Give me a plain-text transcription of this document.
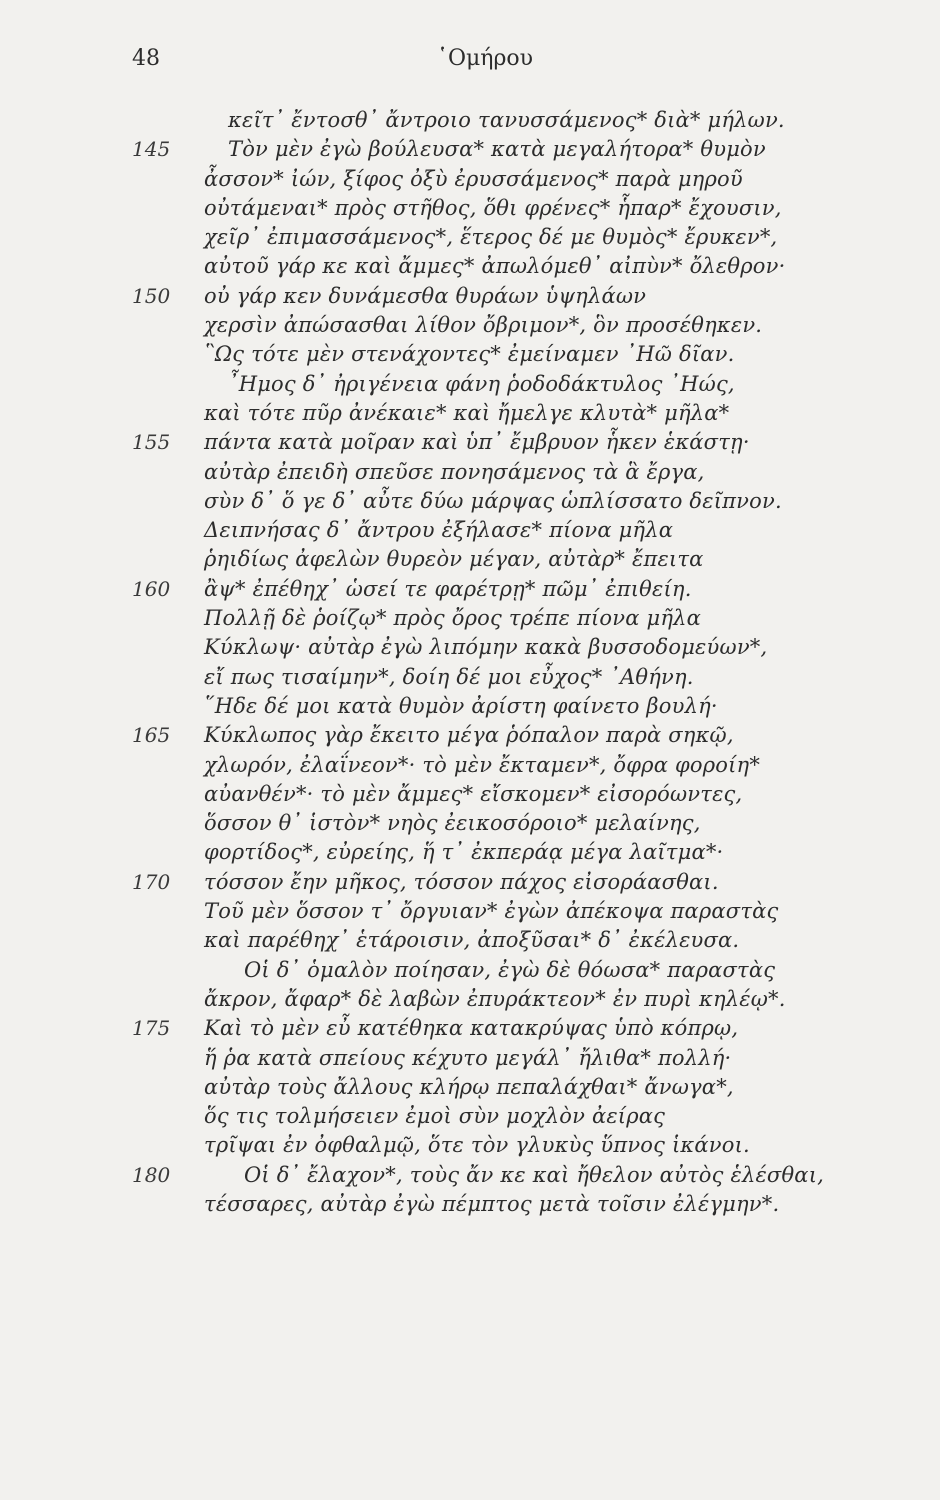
48	῾Ομήρου
κεῖτ᾽ ἔντοσθ᾽ ἄντροιο τανυσσάμενος* διὰ* μήλων.
145	Τὸν μὲν ἐγὼ βούλευσα* κατὰ μεγαλήτορα* θυμὸν
ἆσσον* ἰών, ξίφος ὀξὺ ἐρυσσάμενος* παρὰ μηροῦ
οὐτάμεναι* πρὸς στῆθος, ὅθι φρένες* ἧπαρ* ἔχουσιν,
χεῖρ᾽ ἐπιμασσάμενος*, ἕτερος δέ με θυμὸς* ἔρυκεν*,
αὐτοῦ γάρ κε καὶ ἄμμες* ἀπωλόμεθ᾽ αἰπὺν* ὄλεθρον·
150 οὐ γάρ κεν δυνάμεσθα θυράων ὑψηλάων
χερσὶν ἀπώσασθαι λίθον ὄβριμον*, ὃν προσέθηκεν.
῝Ως τότε μὲν στενάχοντες* ἐμείναμεν ᾽Ηῶ δῖαν.
῏Ημος δ᾽ ἠριγένεια φάνη ῥοδοδάκτυλος ᾽Ηώς,
καὶ τότε πῦρ ἀνέκαιε* καὶ ἤμελγε κλυτὰ* μῆλα*
155 πάντα κατὰ μοῖραν καὶ ὑπ᾽ ἔμβρυον ἧκεν ἑκάστῃ·
αὐτὰρ ἐπειδὴ σπεῦσε πονησάμενος τὰ ἃ ἔργα,
σὺν δ᾽ ὅ γε δ᾽ αὖτε δύω μάρψας ὡπλίσσατο δεῖπνον.
Δειπνήσας δ᾽ ἄντρου ἐξήλασε* πίονα μῆλα
ῥηιδίως ἀφελὼν θυρεὸν μέγαν, αὐτὰρ* ἔπειτα
160 ἂψ* ἐπέθηχ᾽ ὡσεί τε φαρέτρῃ* πῶμ᾽ ἐπιθείη.
Πολλῇ δὲ ῥοίζῳ* πρὸς ὄρος τρέπε πίονα μῆλα
Κύκλωψ· αὐτὰρ ἐγὼ λιπόμην κακὰ βυσσοδομεύων*,
εἴ πως τισαίμην*, δοίη δέ μοι εὖχος* ᾽Αθήνη.
῞Ηδε δέ μοι κατὰ θυμὸν ἀρίστη φαίνετο βουλή·
165 Κύκλωπος γὰρ ἔκειτο μέγα ῥόπαλον παρὰ σηκῷ,
χλωρόν, ἐλαΐνεον*· τὸ μὲν ἔκταμεν*, ὄφρα φοροίη*
αὐανθέν*· τὸ μὲν ἄμμες* εἴσκομεν* εἰσορόωντες,
ὅσσον θ᾽ ἱστὸν* νηὸς ἐεικοσόροιο* μελαίνης,
φορτίδος*, εὐρείης, ἥ τ᾽ ἐκπεράᾳ μέγα λαῖτμα*·
170 τόσσον ἔην μῆκος, τόσσον πάχος εἰσοράασθαι.
Τοῦ μὲν ὅσσον τ᾽ ὄργυιαν* ἐγὼν ἀπέκοψα παραστὰς
καὶ παρέθηχ᾽ ἑτάροισιν, ἀποξῦσαι* δ᾽ ἐκέλευσα.
Οἱ δ᾽ ὁμαλὸν ποίησαν, ἐγὼ δὲ θόωσα* παραστὰς
ἄκρον, ἄφαρ* δὲ λαβὼν ἐπυράκτεον* ἐν πυρὶ κηλέῳ*.
175 Καὶ τὸ μὲν εὖ κατέθηκα κατακρύψας ὑπὸ κόπρῳ,
ἥ ῥα κατὰ σπείους κέχυτο μεγάλ᾽ ἤλιθα* πολλή·
αὐτὰρ τοὺς ἄλλους κλήρῳ πεπαλάχθαι* ἄνωγα*,
ὅς τις τολμήσειεν ἐμοὶ σὺν μοχλὸν ἀείρας
τρῖψαι ἐν ὀφθαλμῷ, ὅτε τὸν γλυκὺς ὕπνος ἱκάνοι.
180	Οἱ δ᾽ ἔλαχον*, τοὺς ἄν κε καὶ ἤθελον αὐτὸς ἑλέσθαι,
τέσσαρες, αὐτὰρ ἐγὼ πέμπτος μετὰ τοῖσιν ἐλέγμην*.
